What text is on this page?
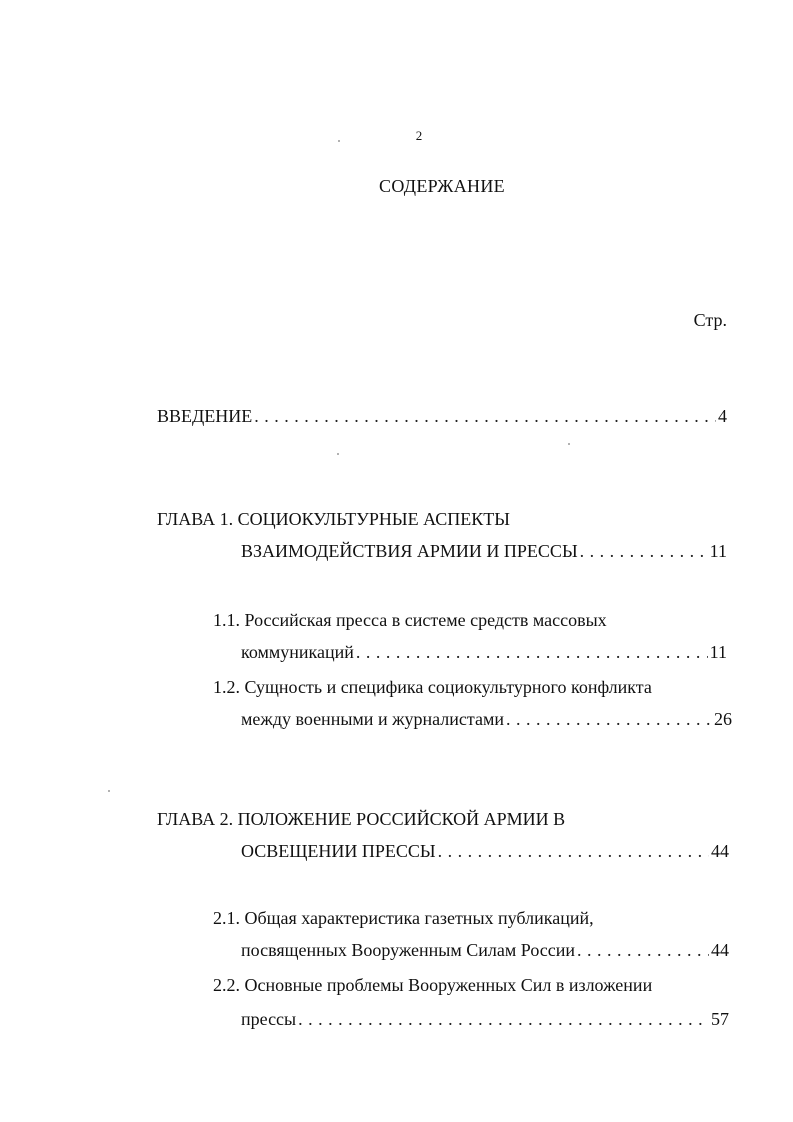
2
СОДЕРЖАНИЕ
Стр.
ВВЕДЕНИЕ . . .	4
ГЛАВА 1. СОЦИОКУЛЬТУРНЫЕ АСПЕКТЫ
ВЗАИМОДЕЙСТВИЯ АРМИИ И ПРЕССЫ . . .	11
1.1. Российская пресса в системе средств массовых
коммуникаций . . .	11
1.2. Сущность и специфика социокультурного конфликта
между военными и журналистами . . .	26
ГЛАВА 2. ПОЛОЖЕНИЕ РОССИЙСКОЙ АРМИИ В
ОСВЕЩЕНИИ ПРЕССЫ . . .	44
2.1. Общая характеристика газетных публикаций,
посвященных Вооруженным Силам России . . .	44
2.2. Основные проблемы Вооруженных Сил в изложении
прессы . . .	57
